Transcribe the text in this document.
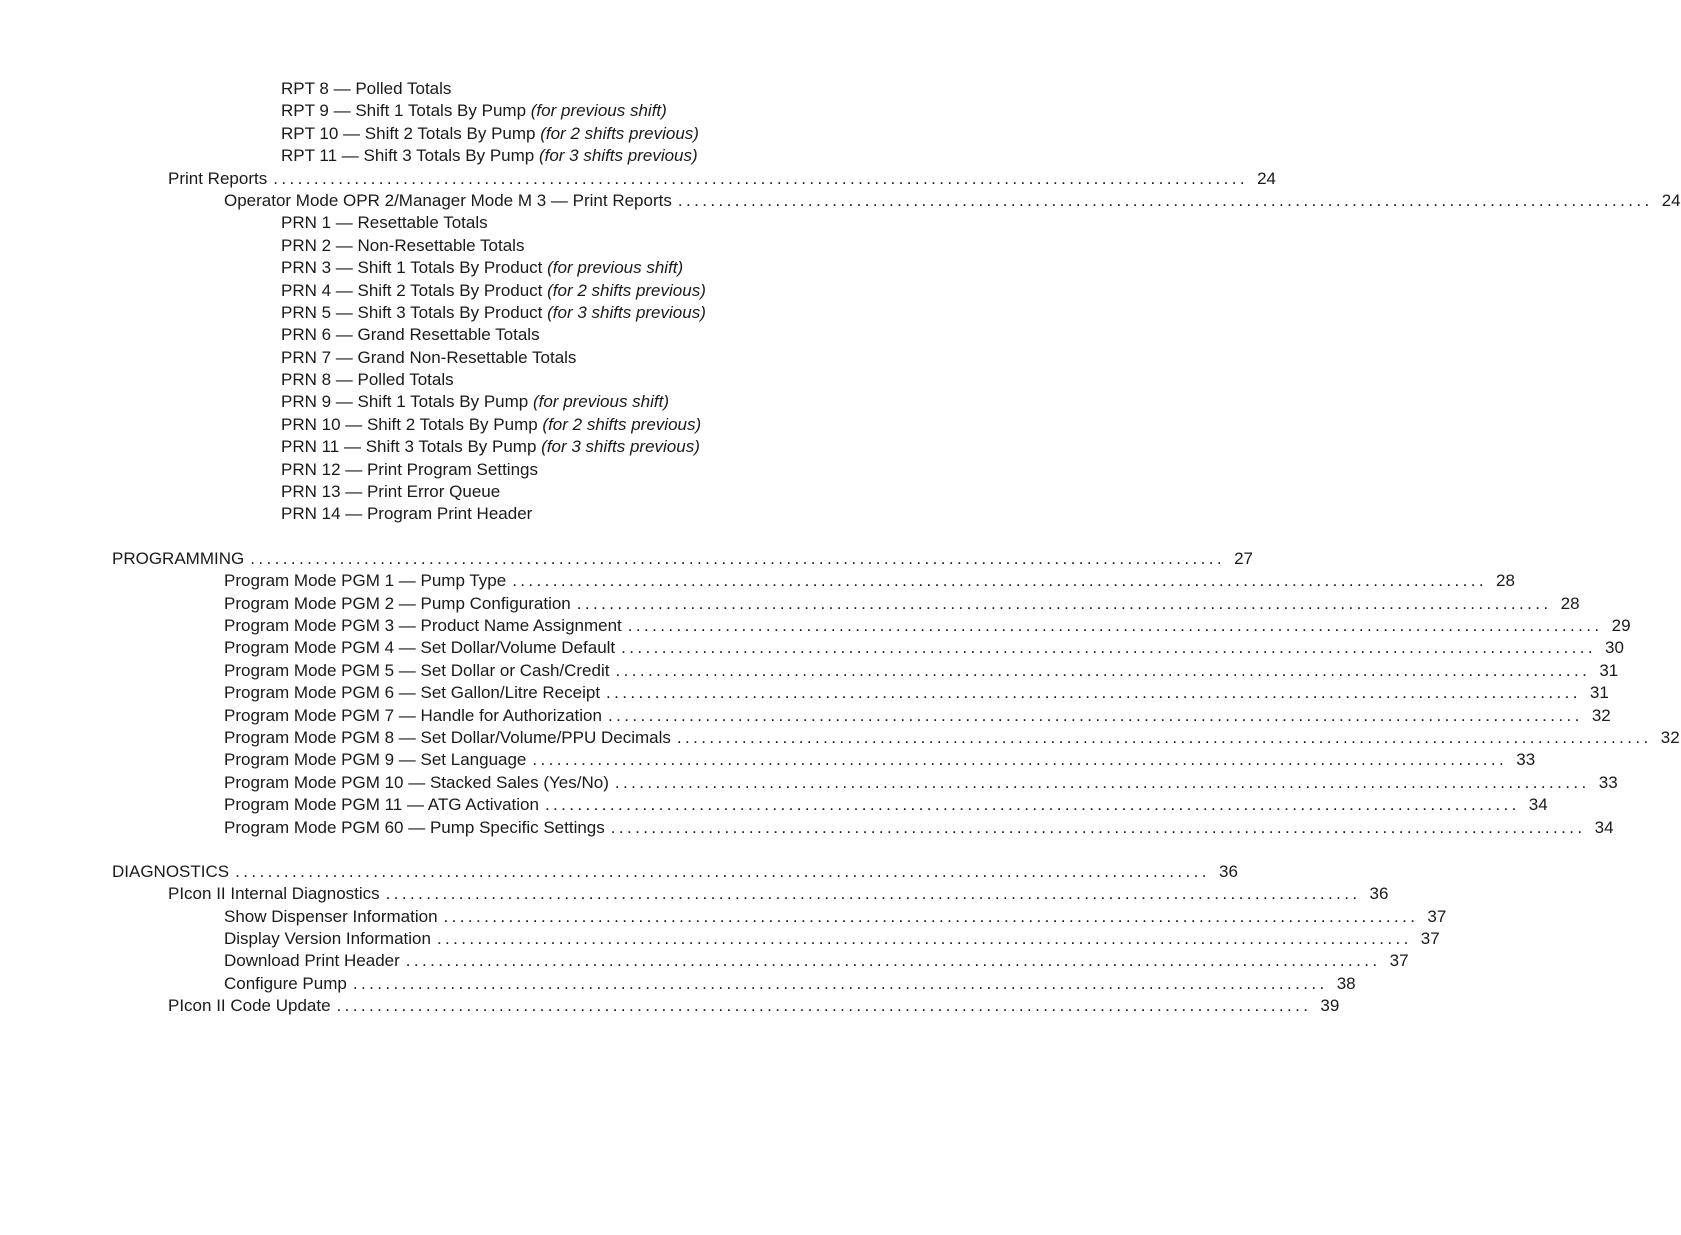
RPT 8 — Polled Totals
RPT 9 — Shift 1 Totals By Pump (for previous shift)
RPT 10 — Shift 2 Totals By Pump (for 2 shifts previous)
RPT 11 — Shift 3 Totals By Pump (for 3 shifts previous)
Print Reports ........................................................................................................................ 24
Operator Mode OPR 2/Manager Mode M 3 — Print Reports ........................................................................................................................ 24
PRN 1 — Resettable Totals
PRN 2 — Non-Resettable Totals
PRN 3 — Shift 1 Totals By Product (for previous shift)
PRN 4 — Shift 2 Totals By Product (for 2 shifts previous)
PRN 5 — Shift 3 Totals By Product (for 3 shifts previous)
PRN 6 — Grand Resettable Totals
PRN 7 — Grand Non-Resettable Totals
PRN 8 — Polled Totals
PRN 9 — Shift 1 Totals By Pump (for previous shift)
PRN 10 — Shift 2 Totals By Pump (for 2 shifts previous)
PRN 11 — Shift 3 Totals By Pump (for 3 shifts previous)
PRN 12 — Print Program Settings
PRN 13 — Print Error Queue
PRN 14 — Program Print Header
PROGRAMMING ........................................................................................................................ 27
Program Mode PGM 1 — Pump Type ........................................................................................................................ 28
Program Mode PGM 2 — Pump Configuration ........................................................................................................................ 28
Program Mode PGM 3 — Product Name Assignment ........................................................................................................................ 29
Program Mode PGM 4 — Set Dollar/Volume Default ........................................................................................................................ 30
Program Mode PGM 5 — Set Dollar or Cash/Credit ........................................................................................................................ 31
Program Mode PGM 6 — Set Gallon/Litre Receipt ........................................................................................................................ 31
Program Mode PGM 7 — Handle for Authorization ........................................................................................................................ 32
Program Mode PGM 8 — Set Dollar/Volume/PPU Decimals ........................................................................................................................ 32
Program Mode PGM 9 — Set Language ........................................................................................................................ 33
Program Mode PGM 10 — Stacked Sales (Yes/No) ........................................................................................................................ 33
Program Mode PGM 11 — ATG Activation ........................................................................................................................ 34
Program Mode PGM 60 — Pump Specific Settings ........................................................................................................................ 34
DIAGNOSTICS ........................................................................................................................ 36
PIcon II Internal Diagnostics ........................................................................................................................ 36
Show Dispenser Information ........................................................................................................................ 37
Display Version Information ........................................................................................................................ 37
Download Print Header ........................................................................................................................ 37
Configure Pump ........................................................................................................................ 38
PIcon II Code Update ........................................................................................................................ 39
